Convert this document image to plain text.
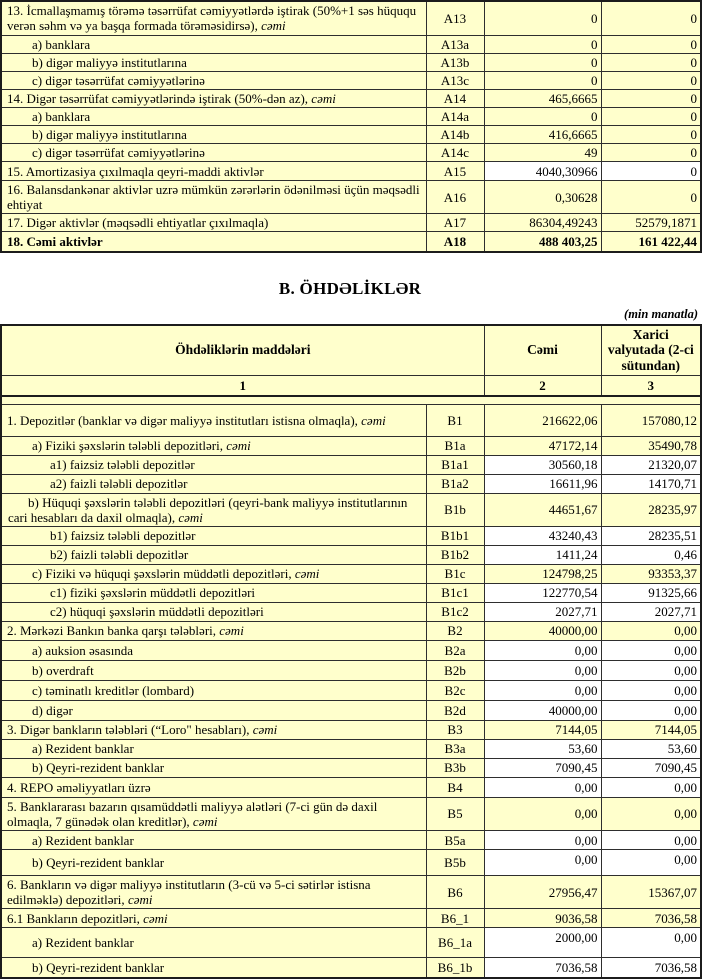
13. İcmallaşmamış törəmə təsərrüfat cəmiyyətlərdə iştirak (50%+1 səs hüququ verən səhm və ya başqa formada törəməsidirsə), cəmi	A13	0	0
a) banklara	A13a	0	0
b) digər maliyyə institutlarına	A13b	0	0
c) digər təsərrüfat cəmiyyətlərinə	A13c	0	0
14. Digər təsərrüfat cəmiyyətlərində iştirak (50%-dən az), cəmi	A14	465,6665	0
a) banklara	A14a	0	0
b) digər maliyyə institutlarına	A14b	416,6665	0
c) digər təsərrüfat cəmiyyətlərinə	A14c	49	0
15. Amortizasiya çıxılmaqla qeyri-maddi aktivlər	A15	4040,30966	0
16. Balansdankənar aktivlər uzrə mümkün zərərlərin ödənilməsi üçün məqsədli ehtiyat	A16	0,30628	0
17. Digər aktivlər (məqsədli ehtiyatlar çıxılmaqla)	A17	86304,49243	52579,1871
18. Cəmi aktivlər	A18	488 403,25	161 422,44
B. ÖHDƏLİKLƏR
(min manatla)
Öhdəliklərin maddələri		Cəmi	Xarici valyutada (2-ci sütundan)
1		2	3

1. Depozitlər (banklar və digər maliyyə institutları istisna olmaqla), cəmi	B1	216622,06	157080,12
a) Fiziki şəxslərin tələbli depozitləri, cəmi	B1a	47172,14	35490,78
a1) faizsiz tələbli depozitlər	B1a1	30560,18	21320,07
a2) faizli tələbli depozitlər	B1a2	16611,96	14170,71
b) Hüquqi şəxslərin tələbli depozitləri (qeyri-bank maliyyə institutlarının cari hesabları da daxil olmaqla), cəmi	B1b	44651,67	28235,97
b1) faizsiz tələbli depozitlər	B1b1	43240,43	28235,51
b2) faizli tələbli depozitlər	B1b2	1411,24	0,46
c) Fiziki və hüquqi şəxslərin müddətli depozitləri, cəmi	B1c	124798,25	93353,37
c1) fiziki şəxslərin müddətli depozitləri	B1c1	122770,54	91325,66
c2) hüquqi şəxslərin müddətli depozitləri	B1c2	2027,71	2027,71
2. Mərkəzi Bankın banka qarşı tələbləri, cəmi	B2	40000,00	0,00
a) auksion əsasında	B2a	0,00	0,00
b) overdraft	B2b	0,00	0,00
c) təminatlı kreditlər (lombard)	B2c	0,00	0,00
d) digər	B2d	40000,00	0,00
3. Digər bankların tələbləri (“Loro" hesabları), cəmi	B3	7144,05	7144,05
a) Rezident banklar	B3a	53,60	53,60
b) Qeyri-rezident banklar	B3b	7090,45	7090,45
4. REPO əməliyyatları üzrə	B4	0,00	0,00
5. Banklararası bazarın qısamüddətli maliyyə alətləri (7-ci gün də daxil olmaqla, 7 günədək olan kreditlər), cəmi	B5	0,00	0,00
a) Rezident banklar	B5a	0,00	0,00
b) Qeyri-rezident banklar	B5b	0,00	0,00
6. Bankların və digər maliyyə institutların (3-cü və 5-ci sətirlər istisna edilməklə) depozitləri, cəmi	B6	27956,47	15367,07
6.1 Bankların depozitləri, cəmi	B6_1	9036,58	7036,58
a) Rezident banklar	B6_1a	2000,00	0,00
b) Qeyri-rezident banklar	B6_1b	7036,58	7036,58
